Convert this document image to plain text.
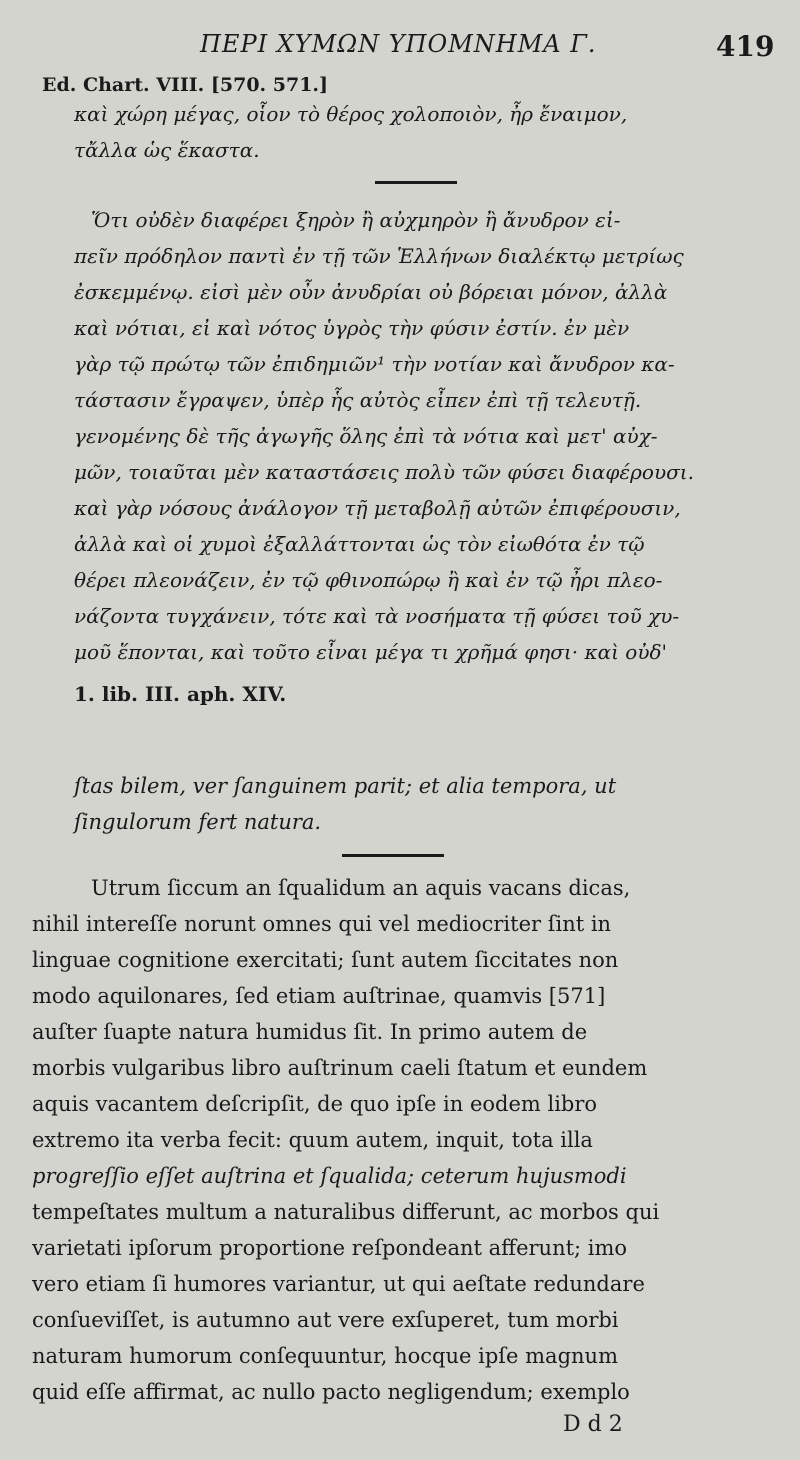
ΠΕΡΙ ΧΥΜΩΝ ΥΠΟΜΝΗΜΑ Γ.	419
Ed. Chart. VIII. [570. 571.]
καὶ χώρη μέγας, οἷον τὸ θέρος χολοποιὸν, ἦρ ἔναιμον,
τἄλλα ὡς ἕκαστα.
Ὅτι οὐδὲν διαφέρει ξηρὸν ἢ αὐχμηρὸν ἢ ἄνυδρον εἰ-
πεῖν πρόδηλον παντὶ ἐν τῇ τῶν Ἑλλήνων διαλέκτῳ μετρίως
ἐσκεμμένῳ. εἰσὶ μὲν οὖν ἀνυδρίαι οὐ βόρειαι μόνον, ἀλλὰ
καὶ νότιαι, εἰ καὶ νότος ὑγρὸς τὴν φύσιν ἐστίν. ἐν μὲν
γὰρ τῷ πρώτῳ τῶν ἐπιδημιῶν¹ τὴν νοτίαν καὶ ἄνυδρον κα-
τάστασιν ἔγραψεν, ὑπὲρ ἧς αὐτὸς εἶπεν ἐπὶ τῇ τελευτῇ.
γενομένης δὲ τῆς ἀγωγῆς ὅλης ἐπὶ τὰ νότια καὶ μετ' αὐχ-
μῶν, τοιαῦται μὲν καταστάσεις πολὺ τῶν φύσει διαφέρουσι.
καὶ γὰρ νόσους ἀνάλογον τῇ μεταβολῇ αὐτῶν ἐπιφέρουσιν,
ἀλλὰ καὶ οἱ χυμοὶ ἐξαλλάττονται ὡς τὸν εἰωθότα ἐν τῷ
θέρει πλεονάζειν, ἐν τῷ φθινοπώρῳ ἢ καὶ ἐν τῷ ἦρι πλεο-
νάζοντα τυγχάνειν, τότε καὶ τὰ νοσήματα τῇ φύσει τοῦ χυ-
μοῦ ἕπονται, καὶ τοῦτο εἶναι μέγα τι χρῆμά φησι· καὶ οὐδ'
1. lib. III. aph. XIV.
ſtas bilem, ver ſanguinem parit; et alia tempora, ut
ſingulorum fert natura.
Utrum ſiccum an ſqualidum an aquis vacans dicas,
nihil intereſſe norunt omnes qui vel mediocriter ſint in
linguae cognitione exercitati; ſunt autem ſiccitates non
modo aquilonares, ſed etiam auſtrinae, quamvis [571]
auſter ſuapte natura humidus ſit. In primo autem de
morbis vulgaribus libro auſtrinum caeli ſtatum et eundem
aquis vacantem deſcripſit, de quo ipſe in eodem libro
extremo ita verba fecit: quum autem, inquit, tota illa
progreſſio eſſet auſtrina et ſqualida; ceterum hujusmodi
tempeſtates multum a naturalibus differunt, ac morbos qui
varietati ipſorum proportione reſpondeant afferunt; imo
vero etiam ſi humores variantur, ut qui aeſtate redundare
conſueviſſet, is autumno aut vere exſuperet, tum morbi
naturam humorum conſequuntur, hocque ipſe magnum
quid eſſe affirmat, ac nullo pacto negligendum; exemplo
D d 2
